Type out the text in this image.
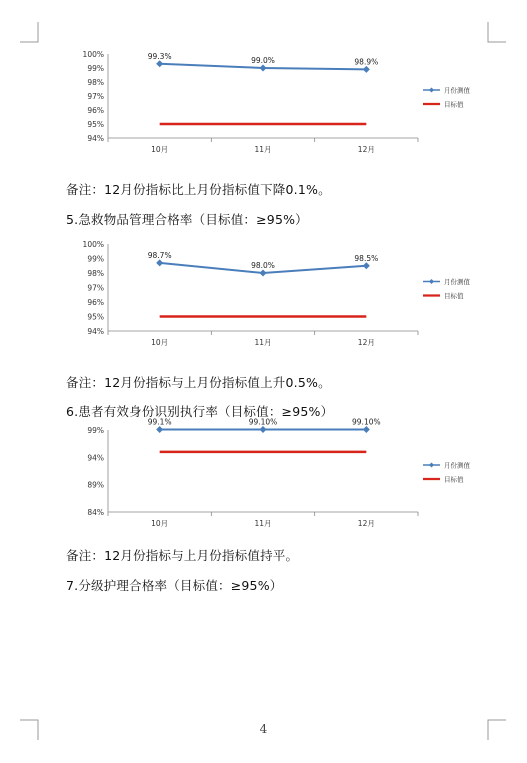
94%
95%
96%
97%
98%
99%
100%
10月	11月	12月
99.3%	99.0%	98.9%
月份测值
目标值
备注：12月份指标比上月份指标值下降0.1%。
5.急救物品管理合格率（目标值：≥95%）
94%
95%
96%
97%
98%
99%
100%
10月	11月	12月
98.7%
98.0%
98.5%
月份测值
目标值
备注：12月份指标与上月份指标值上升0.5%。
6.患者有效身份识别执行率（目标值：≥95%）
84%
89%
94%
99%
10月	11月	12月
99.1%	99.10%	99.10%
月份测值
目标值
备注：12月份指标与上月份指标值持平。
7.分级护理合格率（目标值：≥95%）
4
